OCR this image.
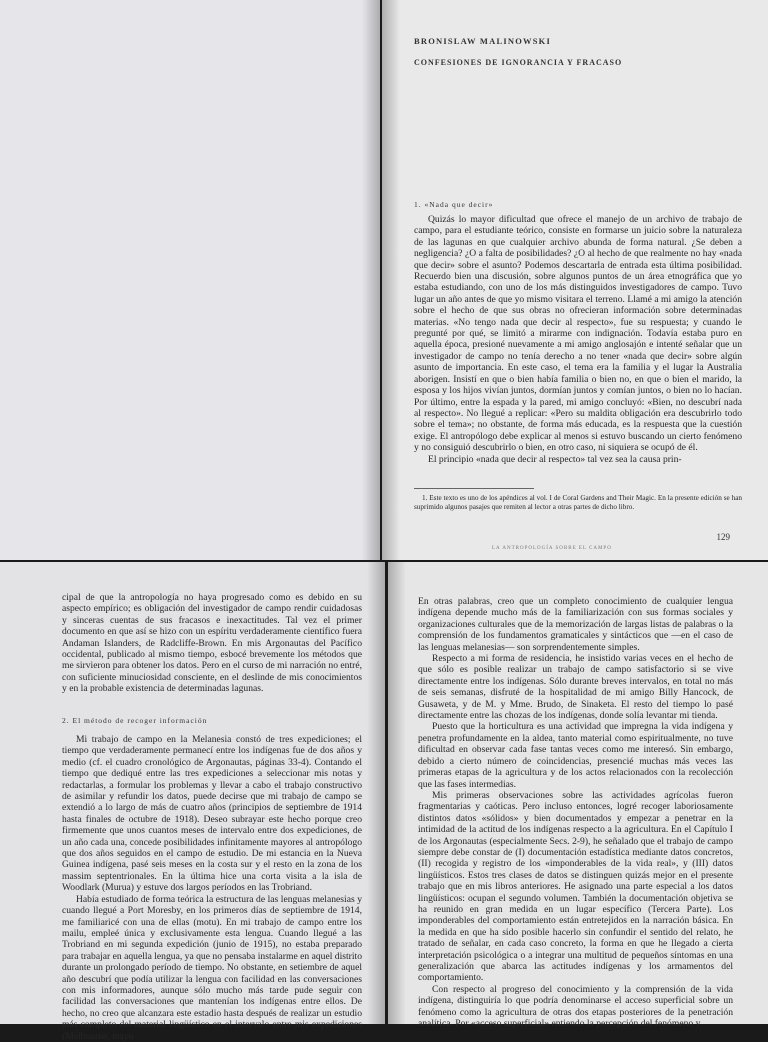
BRONISLAW MALINOWSKI
CONFESIONES DE IGNORANCIA Y FRACASO
1. «Nada que decir»

Quizás lo mayor dificultad que ofrece el manejo de un archivo de trabajo de campo, para el estudiante teórico, consiste en formarse un juicio sobre la naturaleza de las lagunas en que cualquier archivo abunda de forma natural. ¿Se deben a negligencia? ¿O a falta de posibilidades? ¿O al hecho de que realmente no hay «nada que decir» sobre el asunto? Podemos descartarla de entrada esta última posibilidad. Recuerdo bien una discusión, sobre algunos puntos de un área etnográfica que yo estaba estudiando, con uno de los más distinguidos investigadores de campo. Tuvo lugar un año antes de que yo mismo visitara el terreno. Llamé a mi amigo la atención sobre el hecho de que sus obras no ofrecieran información sobre determinadas materias. «No tengo nada que decir al respecto», fue su respuesta; y cuando le pregunté por qué, se limitó a mirarme con indignación. Todavía estaba puro en aquella época, presioné nuevamente a mi amigo anglosajón e intenté señalar que un investigador de campo no tenía derecho a no tener «nada que decir» sobre algún asunto de importancia. En este caso, el tema era la familia y el lugar la Australia aborigen. Insistí en que o bien había familia o bien no, en que o bien el marido, la esposa y los hijos vivían juntos, dormían juntos y comían juntos, o bien no lo hacían. Por último, entre la espada y la pared, mi amigo concluyó: «Bien, no descubrí nada al respecto». No llegué a replicar: «Pero su maldita obligación era descubrirlo todo sobre el tema»; no obstante, de forma más educada, es la respuesta que la cuestión exige. El antropólogo debe explicar al menos si estuvo buscando un cierto fenómeno y no consiguió descubrirlo o bien, en otro caso, ni siquiera se ocupó de él.

El principio «nada que decir al respecto» tal vez sea la causa prin-

1. Este texto es uno de los apéndices al vol. I de Coral Gardens and Their Magic. En la presente edición se han suprimido algunos pasajes que remiten al lector a otras partes de dicho libro.

LA ANTROPOLOGÍA SOBRE EL CAMPO
129

cipal de que la antropología no haya progresado como es debido en su aspecto empírico; es obligación del investigador de campo rendir cuidadosas y sinceras cuentas de sus fracasos e inexactitudes. Tal vez el primer documento en que así se hizo con un espíritu verdaderamente científico fuera Andaman Islanders, de Radcliffe-Brown. En mis Argonautas del Pacífico occidental, publicado al mismo tiempo, esbocé brevemente los métodos que me sirvieron para obtener los datos. Pero en el curso de mi narración no entré, con suficiente minuciosidad consciente, en el deslinde de mis conocimientos y en la probable existencia de determinadas lagunas.

2. El método de recoger información

Mi trabajo de campo en la Melanesia constó de tres expediciones; el tiempo que verdaderamente permanecí entre los indígenas fue de dos años y medio (cf. el cuadro cronológico de Argonautas, páginas 33-4). Contando el tiempo que dediqué entre las tres expediciones a seleccionar mis notas y redactarlas, a formular los problemas y llevar a cabo el trabajo constructivo de asimilar y refundir los datos, puede decirse que mi trabajo de campo se extendió a lo largo de más de cuatro años (principios de septiembre de 1914 hasta finales de octubre de 1918). Deseo subrayar este hecho porque creo firmemente que unos cuantos meses de intervalo entre dos expediciones, de un año cada una, concede posibilidades infinitamente mayores al antropólogo que dos años seguidos en el campo de estudio. De mi estancia en la Nueva Guinea indígena, pasé seis meses en la costa sur y el resto en la zona de los massim septentrionales. En la última hice una corta visita a la isla de Woodlark (Murua) y estuve dos largos períodos en las Trobriand.

Había estudiado de forma teórica la estructura de las lenguas melanesias y cuando llegué a Port Moresby, en los primeros días de septiembre de 1914, me familiaricé con una de ellas (motu). En mi trabajo de campo entre los mailu, empleé única y exclusivamente esta lengua. Cuando llegué a las Trobriand en mi segunda expedición (junio de 1915), no estaba preparado para trabajar en aquella lengua, ya que no pensaba instalarme en aquel distrito durante un prolongado período de tiempo. No obstante, en setiembre de aquel año descubrí que podía utilizar la lengua con facilidad en las conversaciones con mis informadores, aunque sólo mucho más tarde pude seguir con facilidad las conversaciones que mantenían los indígenas entre ellos. De hecho, no creo que alcanzara este estadio hasta después de realizar un estudio más completo del material lingüístico en el intervalo entre mis expediciones (Melbourne, mayo

En otras palabras, creo que un completo conocimiento de cualquier lengua indígena depende mucho más de la familiarización con sus formas sociales y organizaciones culturales que de la memorización de largas listas de palabras o la comprensión de los fundamentos gramaticales y sintácticos que —en el caso de las lenguas melanesias— son sorprendentemente simples.

Respecto a mi forma de residencia, he insistido varias veces en el hecho de que sólo es posible realizar un trabajo de campo satisfactorio si se vive directamente entre los indígenas. Sólo durante breves intervalos, en total no más de seis semanas, disfruté de la hospitalidad de mi amigo Billy Hancock, de Gusaweta, y de M. y Mme. Brudo, de Sinaketa. El resto del tiempo lo pasé directamente entre las chozas de los indígenas, donde solía levantar mi tienda.

Puesto que la horticultura es una actividad que impregna la vida indígena y penetra profundamente en la aldea, tanto material como espiritualmente, no tuve dificultad en observar cada fase tantas veces como me interesó. Sin embargo, debido a cierto número de coincidencias, presencié muchas más veces las primeras etapas de la agricultura y de los actos relacionados con la recolección que las fases intermedias.

Mis primeras observaciones sobre las actividades agrícolas fueron fragmentarias y caóticas. Pero incluso entonces, logré recoger laboriosamente distintos datos «sólidos» y bien documentados y empezar a penetrar en la intimidad de la actitud de los indígenas respecto a la agricultura. En el Capítulo I de los Argonautas (especialmente Secs. 2-9), he señalado que el trabajo de campo siempre debe constar de (I) documentación estadística mediante datos concretos, (II) recogida y registro de los «imponderables de la vida real», y (III) datos lingüísticos. Estos tres clases de datos se distinguen quizás mejor en el presente trabajo que en mis libros anteriores. He asignado una parte especial a los datos lingüísticos: ocupan el segundo volumen. También la documentación objetiva se ha reunido en gran medida en un lugar específico (Tercera Parte). Los imponderables del comportamiento están entretejidos en la narración básica. En la medida en que ha sido posible hacerlo sin confundir el sentido del relato, he tratado de señalar, en cada caso concreto, la forma en que he llegado a cierta interpretación psicológica o a integrar una multitud de pequeños síntomas en una generalización que abarca las actitudes indígenas y los armamentos del comportamiento.

Con respecto al progreso del conocimiento y la comprensión de la vida indígena, distinguiría lo que podría denominarse el acceso superficial sobre un fenómeno como la agricultura de otras dos etapas posteriores de la penetración analítica. Por «acceso superficial» entiendo la percepción del fenómeno y
